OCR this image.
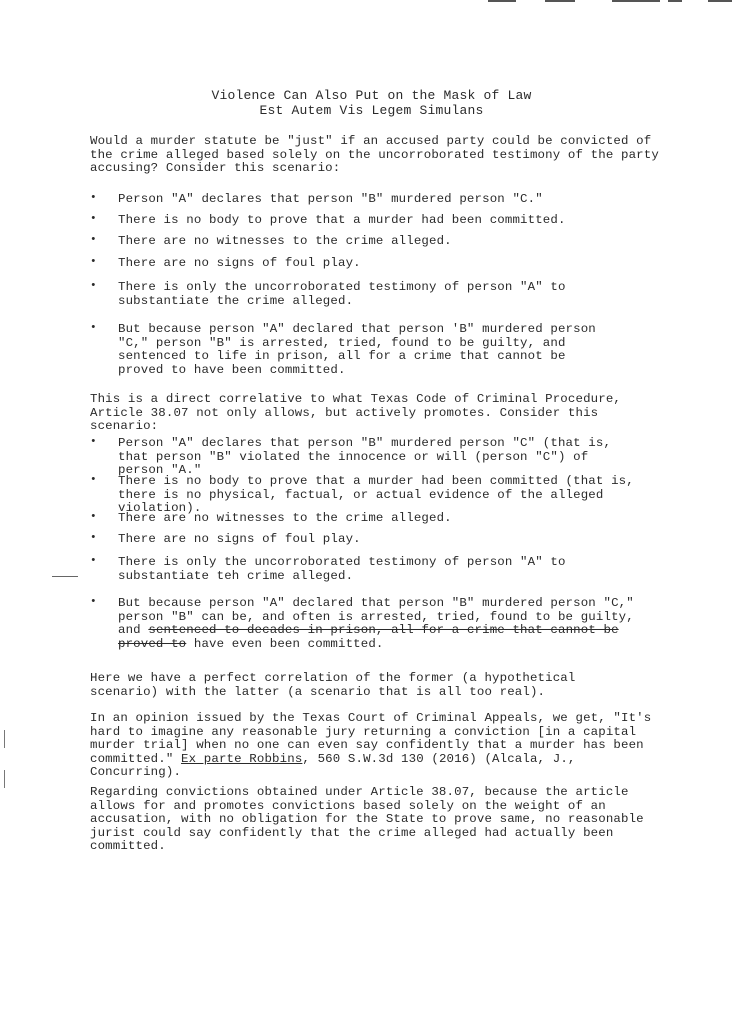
Violence Can Also Put on the Mask of Law
Est Autem Vis Legem Simulans
Would a murder statute be "just" if an accused party could be convicted of the crime alleged based solely on the uncorroborated testimony of the party accusing? Consider this scenario:
• Person "A" declares that person "B" murdered person "C."
• There is no body to prove that a murder had been committed.
• There are no witnesses to the crime alleged.
• There are no signs of foul play.
• There is only the uncorroborated testimony of person "A" to substantiate the crime alleged.
• But because person "A" declared that person 'B" murdered person "C," person "B" is arrested, tried, found to be guilty, and sentenced to life in prison, all for a crime that cannot be proved to have been committed.
This is a direct correlative to what Texas Code of Criminal Procedure, Article 38.07 not only allows, but actively promotes. Consider this scenario:
• Person "A" declares that person "B" murdered person "C" (that is, that person "B" violated the innocence or will (person "C") of person "A."
• There is no body to prove that a murder had been committed (that is, there is no physical, factual, or actual evidence of the alleged violation).
• There are no witnesses to the crime alleged.
• There are no signs of foul play.
• There is only the uncorroborated testimony of person "A" to substantiate teh crime alleged.
• But because person "A" declared that person "B" murdered person "C," person "B" can be, and often is arrested, tried, found to be guilty, and sentenced to decades in prison, all for a crime that cannot be proved to have even been committed.
Here we have a perfect correlation of the former (a hypothetical scenario) with the latter (a scenario that is all too real).
In an opinion issued by the Texas Court of Criminal Appeals, we get, "It's hard to imagine any reasonable jury returning a conviction [in a capital murder trial] when no one can even say confidently that a murder has been committed." Ex parte Robbins, 560 S.W.3d 130 (2016) (Alcala, J., Concurring).
Regarding convictions obtained under Article 38.07, because the article allows for and promotes convictions based solely on the weight of an accusation, with no obligation for the State to prove same, no reasonable jurist could say confidently that the crime alleged had actually been committed.
